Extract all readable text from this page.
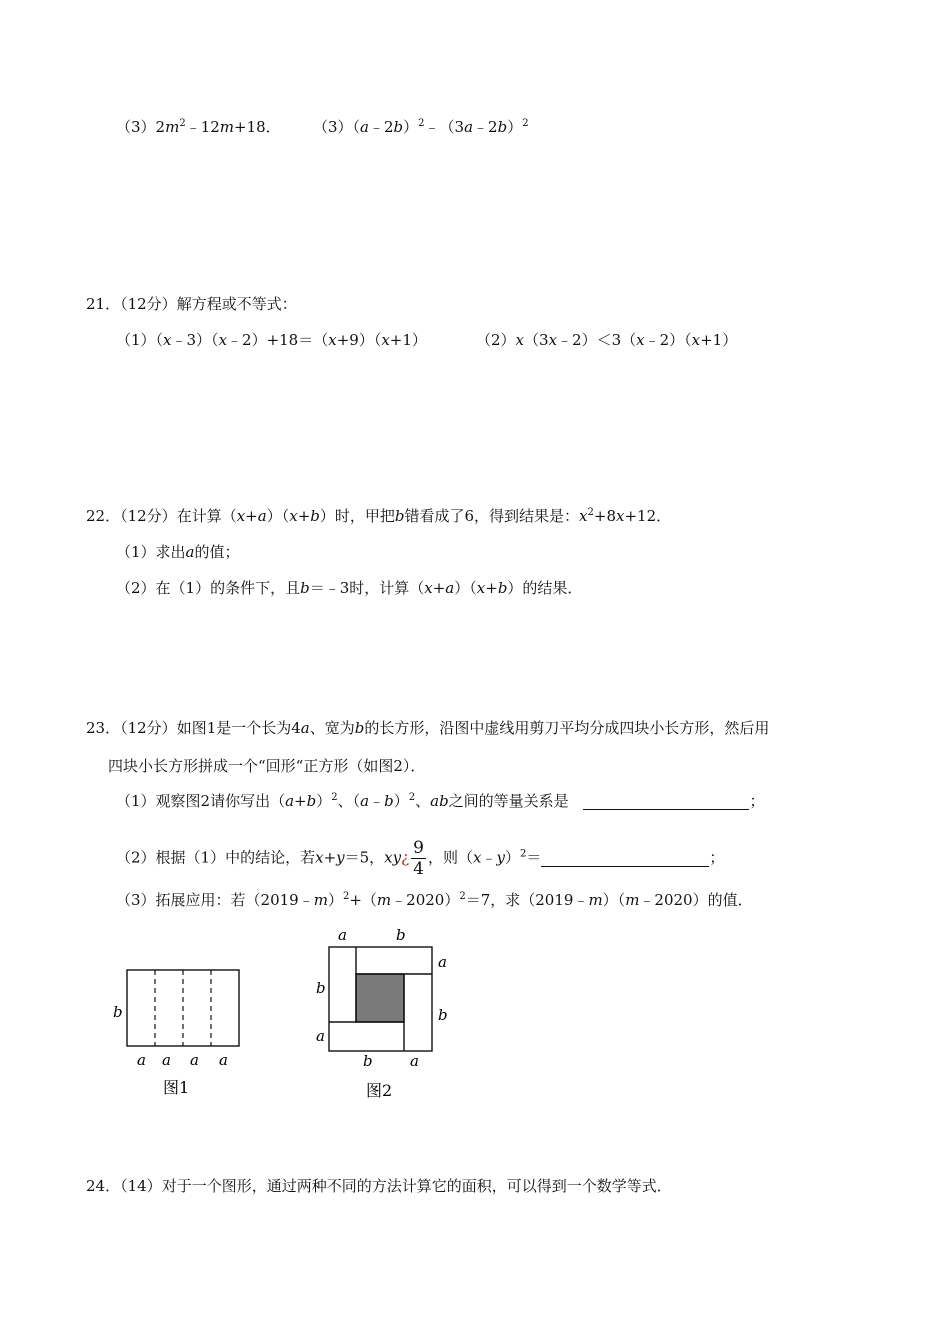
$(3)2m^2﹣12m+18$． （3）（a﹣2b）$^2$﹣（3a﹣2b）$^2$
21．（12分）解方程或不等式：
（1）（x﹣3）（x﹣2）+18＝（x+9）（x+1）	（2）x（3x﹣2）＜3（x﹣2）（x+1）
22．（12分）在计算（x+a）（x+b）时，甲把b错看成了6，得到结果是：$x^2+8x+12$．
（1）求出a的值；
（2）在（1）的条件下，且b＝﹣3时，计算（x+a）（x+b）的结果．
23．（12分）如图1是一个长为4a、宽为b的长方形，沿图中虚线用剪刀平均分成四块小长方形，然后用
四块小长方形拼成一个“回形“正方形（如图2）．
（1）观察图2请你写出$(a+b)^2$、（a﹣b）$^2$、ab之间的等量关系是	；
（2）根据（1）中的结论，若x+y＝5，xy¿ $\frac{9}{4}$ ，则（x﹣y）$^2$＝	；
（3）拓展应用：若（2019﹣m）$^2$+（m﹣2020）$^2$＝7，求（2019﹣m）（m﹣2020）的值．
b
a a a a
图1
a	b
a
b
b
a
b a
图2
24．（14）对于一个图形，通过两种不同的方法计算它的面积，可以得到一个数学等式．
